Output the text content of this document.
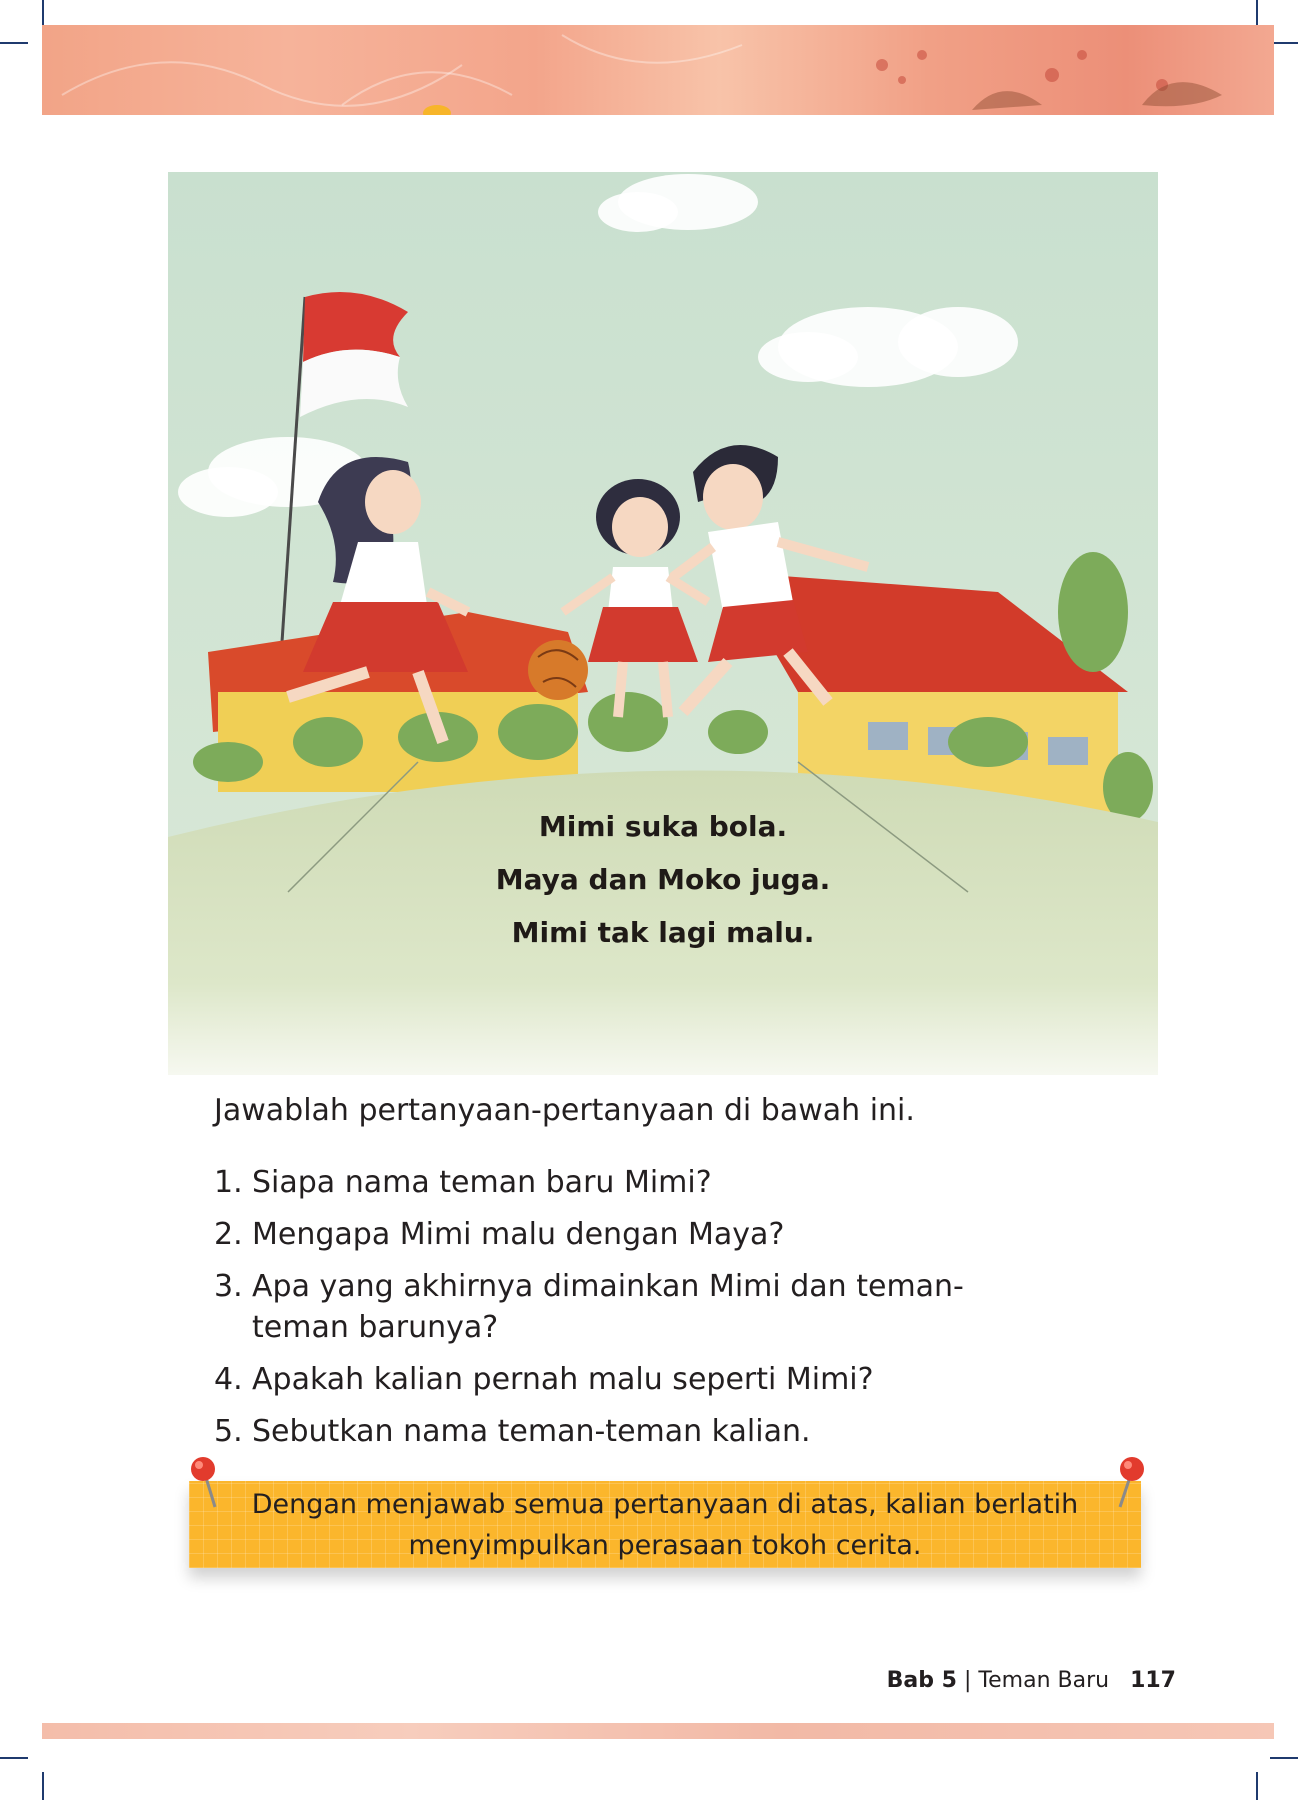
Mimi suka bola.
Maya dan Moko juga.
Mimi tak lagi malu.
Jawablah pertanyaan-pertanyaan di bawah ini.
1. Siapa nama teman baru Mimi?
2. Mengapa Mimi malu dengan Maya?
3. Apa yang akhirnya dimainkan Mimi dan teman-teman barunya?
4. Apakah kalian pernah malu seperti Mimi?
5. Sebutkan nama teman-teman kalian.
Dengan menjawab semua pertanyaan di atas, kalian berlatih
menyimpulkan perasaan tokoh cerita.
Bab 5 | Teman Baru 117
